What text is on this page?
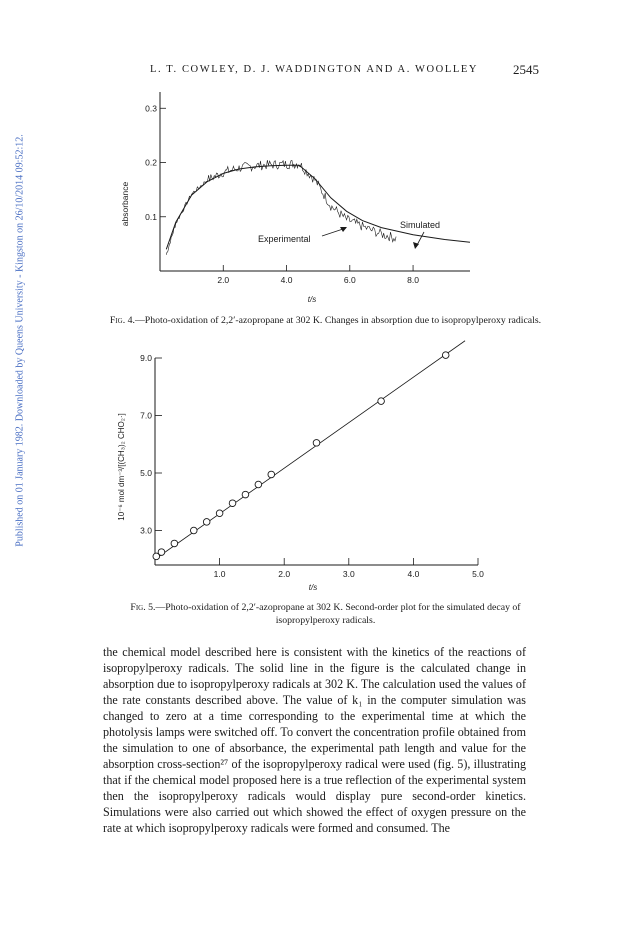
Published on 01 January 1982. Downloaded by Queens University - Kingston on 26/10/2014 09:52:12.
L. T. COWLEY, D. J. WADDINGTON AND A. WOOLLEY	2545
2.0	4.0	6.0	8.0
0.1
0.2
0.3
absorbance
t/s
Experimental
Simulated
Fig. 4.—Photo-oxidation of 2,2′-azopropane at 302 K. Changes in absorption due to isopropylperoxy radicals.
1.0	2.0	3.0	4.0	5.0
3.0
5.0
7.0
9.0
10⁻⁶ mol dm⁻³/[(CH₃)₂ CHO₂·]
t/s
Fig. 5.—Photo-oxidation of 2,2′-azopropane at 302 K. Second-order plot for the simulated decay of isopropylperoxy radicals.

the chemical model described here is consistent with the kinetics of the reactions of isopropylperoxy radicals. The solid line in the figure is the calculated change in absorption due to isopropylperoxy radicals at 302 K. The calculation used the values of the rate constants described above. The value of k₁ in the computer simulation was changed to zero at a time corresponding to the experimental time at which the photolysis lamps were switched off. To convert the concentration profile obtained from the simulation to one of absorbance, the experimental path length and value for the absorption cross-section²⁷ of the isopropylperoxy radical were used (fig. 5), illustrating that if the chemical model proposed here is a true reflection of the experimental system then the isopropylperoxy radicals would display pure second-order kinetics. Simulations were also carried out which showed the effect of oxygen pressure on the rate at which isopropylperoxy radicals were formed and consumed. The
